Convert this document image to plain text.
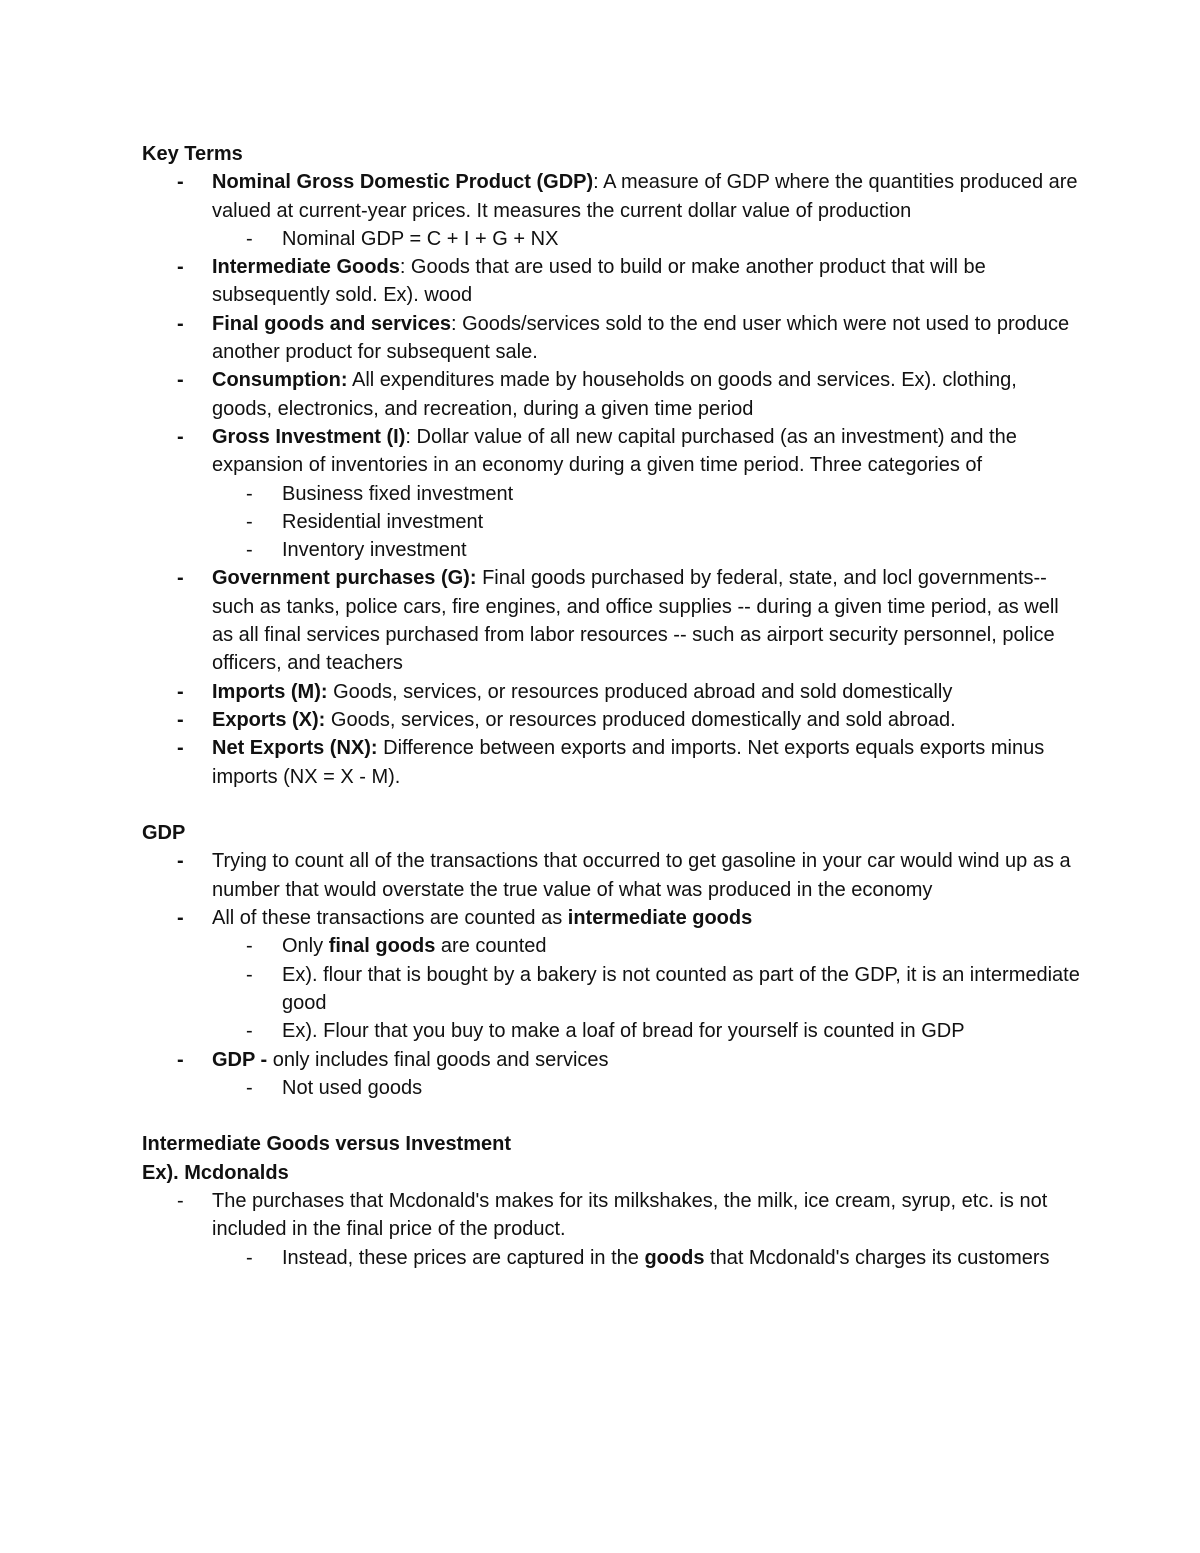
Key Terms

- Nominal Gross Domestic Product (GDP): A measure of GDP where the quantities produced are valued at current-year prices. It measures the current dollar value of production
- Nominal GDP = C + I + G + NX
- Intermediate Goods: Goods that are used to build or make another product that will be subsequently sold. Ex). wood
- Final goods and services: Goods/services sold to the end user which were not used to produce another product for subsequent sale.
- Consumption: All expenditures made by households on goods and services. Ex). clothing, goods, electronics, and recreation, during a given time period
- Gross Investment (I): Dollar value of all new capital purchased (as an investment) and the expansion of inventories in an economy during a given time period. Three categories of
- Business fixed investment
- Residential investment
- Inventory investment
- Government purchases (G): Final goods purchased by federal, state, and locl governments-- such as tanks, police cars, fire engines, and office supplies -- during a given time period, as well as all final services purchased from labor resources -- such as airport security personnel, police officers, and teachers
- Imports (M): Goods, services, or resources produced abroad and sold domestically
- Exports (X): Goods, services, or resources produced domestically and sold abroad.
- Net Exports (NX): Difference between exports and imports. Net exports equals exports minus imports (NX = X - M).

GDP

- Trying to count all of the transactions that occurred to get gasoline in your car would wind up as a number that would overstate the true value of what was produced in the economy
- All of these transactions are counted as intermediate goods
- Only final goods are counted
- Ex). flour that is bought by a bakery is not counted as part of the GDP, it is an intermediate good
- Ex). Flour that you buy to make a loaf of bread for yourself is counted in GDP
- GDP - only includes final goods and services
- Not used goods

Intermediate Goods versus Investment

Ex). Mcdonalds

- The purchases that Mcdonald's makes for its milkshakes, the milk, ice cream, syrup, etc. is not included in the final price of the product.
- Instead, these prices are captured in the goods that Mcdonald's charges its customers
